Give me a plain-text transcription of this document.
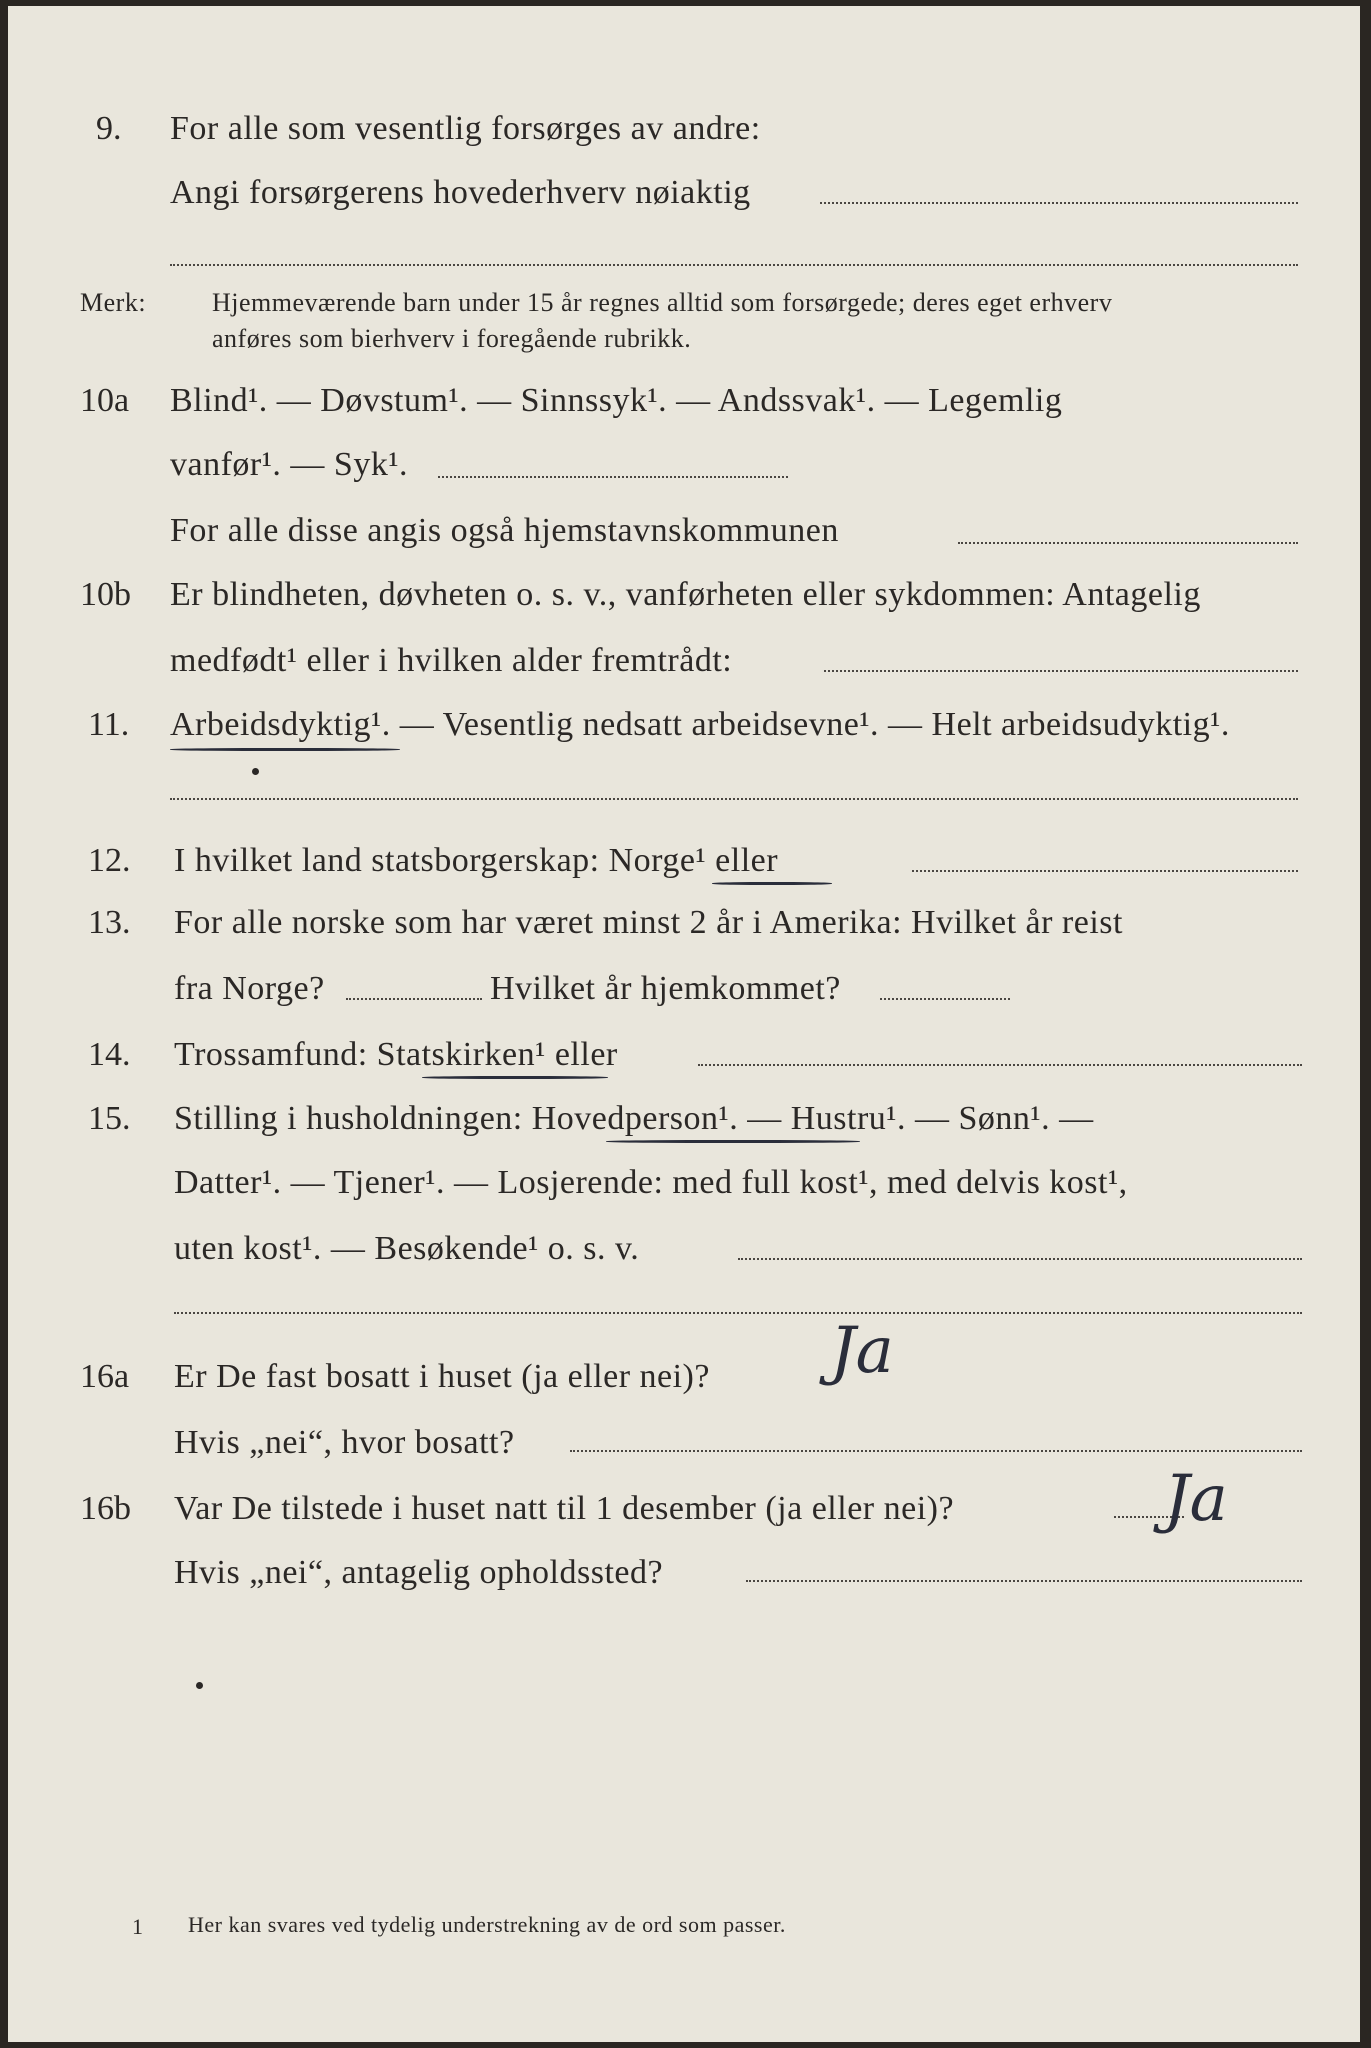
9. For alle som vesentlig forsørges av andre:
Angi forsørgerens hovederhverv nøiaktig
Merk:	Hjemmeværende barn under 15 år regnes alltid som forsørgede; deres eget erhverv
anføres som bierhverv i foregående rubrikk.
10a Blind¹. — Døvstum¹. — Sinnssyk¹. — Andssvak¹. — Legemlig
vanfør¹. — Syk¹.
For alle disse angis også hjemstavnskommunen
10b Er blindheten, døvheten o. s. v., vanførheten eller sykdommen: Antagelig
medfødt¹ eller i hvilken alder fremtrådt:
11. Arbeidsdyktig¹. — Vesentlig nedsatt arbeidsevne¹. — Helt arbeidsudyktig¹.
12. I hvilket land statsborgerskap: Norge¹ eller
13. For alle norske som har været minst 2 år i Amerika: Hvilket år reist
fra Norge?	Hvilket år hjemkommet?
14. Trossamfund: Statskirken¹ eller
15. Stilling i husholdningen: Hovedperson¹. — Hustru¹. — Sønn¹. —
Datter¹. — Tjener¹. — Losjerende: med full kost¹, med delvis kost¹,
uten kost¹. — Besøkende¹ o. s. v.
16a Er De fast bosatt i huset (ja eller nei)? Ja
Hvis „nei“, hvor bosatt?
16b Var De tilstede i huset natt til 1 desember (ja eller nei)?	Ja
Hvis „nei“, antagelig opholdssted?
1 Her kan svares ved tydelig understrekning av de ord som passer.
